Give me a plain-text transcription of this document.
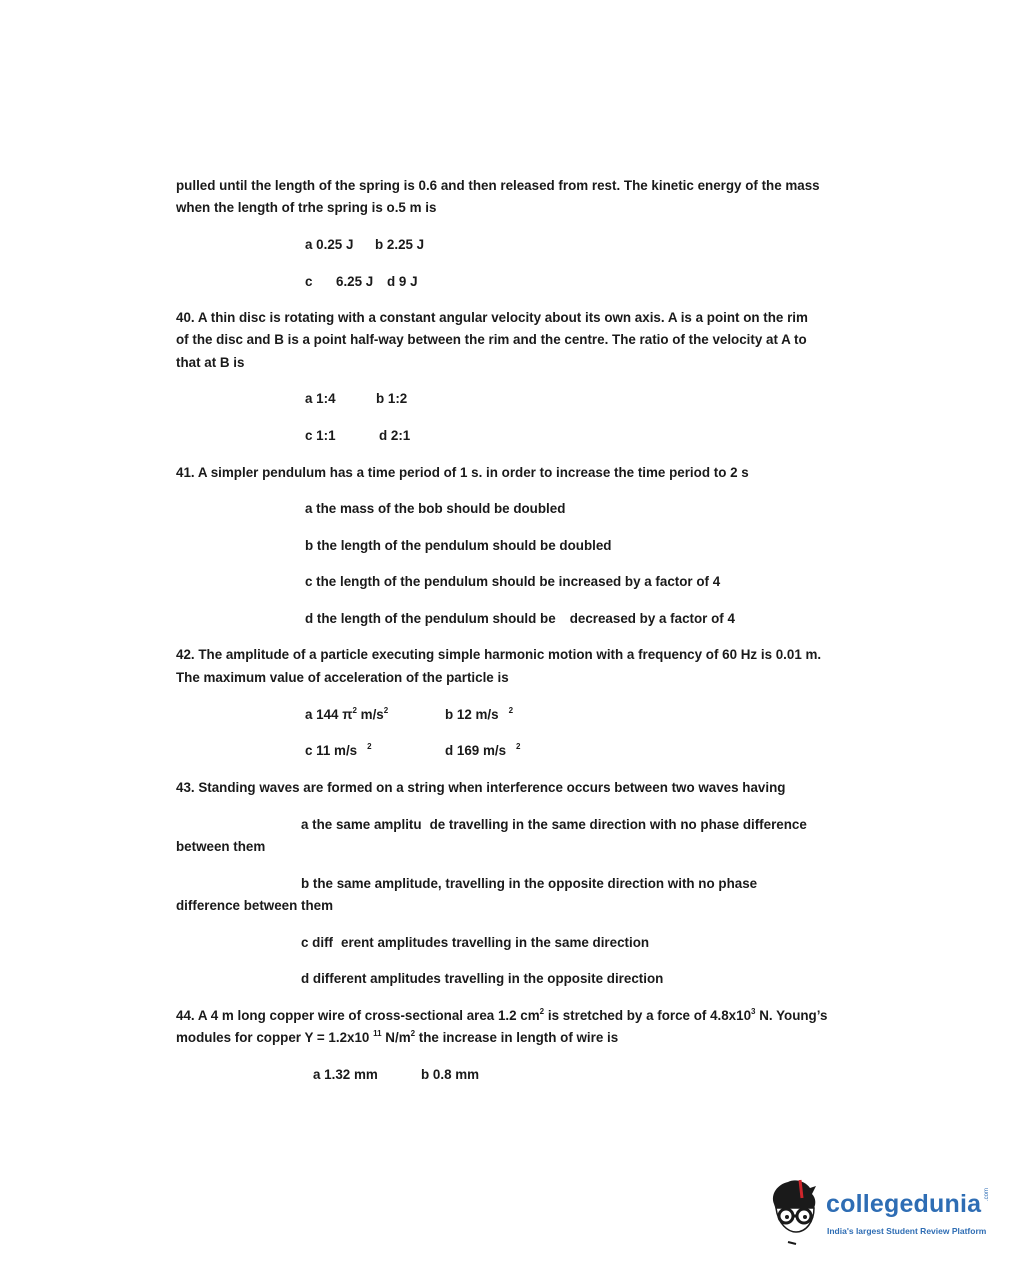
pulled until the length of the spring is 0.6 and then released from rest. The kinetic energy of the mass
when the length of trhe spring is o.5 m is
a 0.25 J b 2.25 J
c 6.25 J d 9 J
40. A thin disc is rotating with a constant angular velocity about its own axis. A is a point on the rim
of the disc and B is a point half-way between the rim and the centre. The ratio of the velocity at A to
that at B is
a 1:4	b 1:2
c 1:1	d 2:1
41. A simpler pendulum has a time period of 1 s. in order to increase the time period to 2 s
a the mass of the bob should be doubled
b the length of the pendulum should be doubled
c the length of the pendulum should be increased by a factor of 4
d the length of the pendulum should be decreased by a factor of 4
42. The amplitude of a particle executing simple harmonic motion with a frequency of 60 Hz is 0.01 m.
The maximum value of acceleration of the particle is
a 144 $\pi^2$ $m/s^2$	b 12 m/s $^2$
c 11 m/s $^2$	d 169 m/s $^2$
43. Standing waves are formed on a string when interference occurs between two waves having
a the same amplitu de travelling in the same direction with no phase difference
between them
b the same amplitude, travelling in the opposite direction with no phase
difference between them
c diff erent amplitudes travelling in the same direction
d different amplitudes travelling in the opposite direction
44. A 4 m long copper wire of cross-sectional area 1.2 $cm^2$ is stretched by a force of $4.8x10^3$ N. Young’s
modules for copper Y = 1.2x10 $^{11}$ $N/m^2$ the increase in length of wire is
a 1.32 mm	b 0.8 mm
collegedunia .com
India's largest Student Review Platform
